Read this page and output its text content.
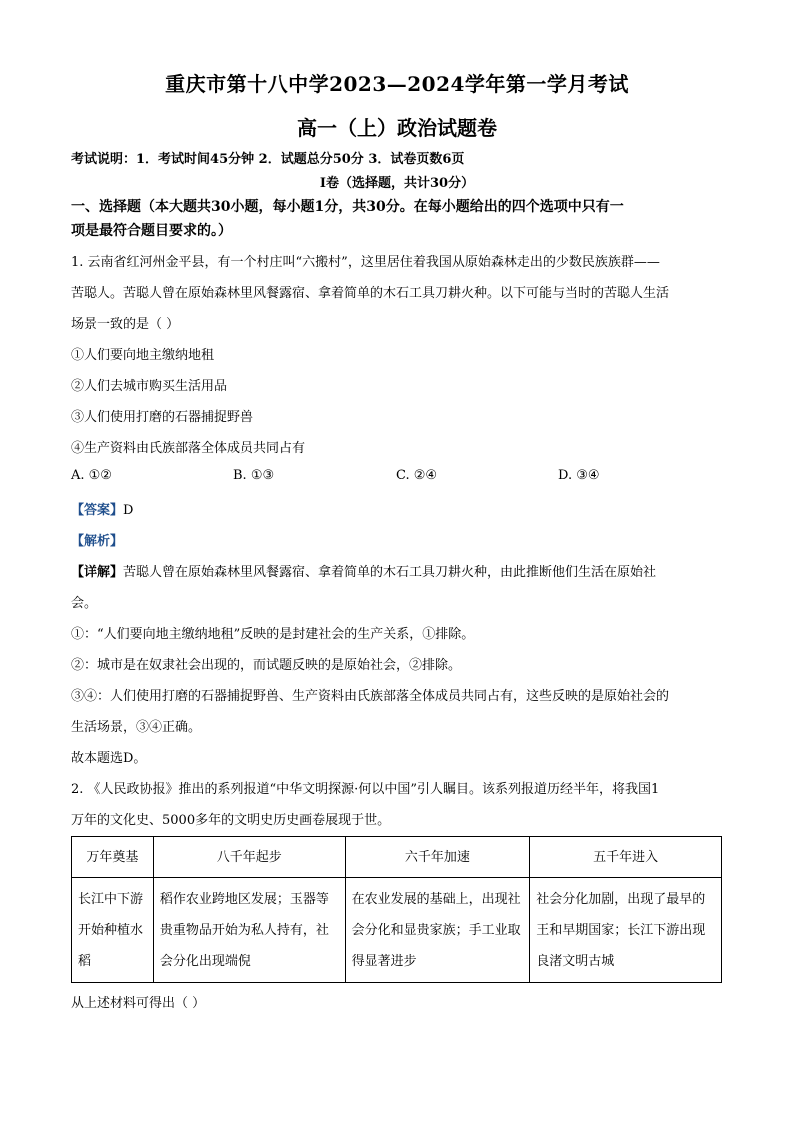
重庆市第十八中学2023—2024学年第一学月考试
高一（上）政治试题卷
考试说明：1．考试时间45分钟 2．试题总分50分 3．试卷页数6页
Ⅰ卷（选择题，共计30分）
一、选择题（本大题共30小题，每小题1分，共30分。在每小题给出的四个选项中只有一
项是最符合题目要求的。）
1. 云南省红河州金平县，有一个村庄叫“六搬村”，这里居住着我国从原始森林走出的少数民族族群——
苦聪人。苦聪人曾在原始森林里风餐露宿、拿着简单的木石工具刀耕火种。以下可能与当时的苦聪人生活
场景一致的是（ ）
①人们要向地主缴纳地租
②人们去城市购买生活用品
③人们使用打磨的石器捕捉野兽
④生产资料由氏族部落全体成员共同占有
A. ①②	B. ①③	C. ②④	D. ③④
【答案】D
【解析】
【详解】苦聪人曾在原始森林里风餐露宿、拿着简单的木石工具刀耕火种，由此推断他们生活在原始社
会。
①：“人们要向地主缴纳地租”反映的是封建社会的生产关系，①排除。
②：城市是在奴隶社会出现的，而试题反映的是原始社会，②排除。
③④：人们使用打磨的石器捕捉野兽、生产资料由氏族部落全体成员共同占有，这些反映的是原始社会的
生活场景，③④正确。
故本题选D。
2. 《人民政协报》推出的系列报道“中华文明探源·何以中国”引人瞩目。该系列报道历经半年，将我国1
万年的文化史、5000多年的文明史历史画卷展现于世。
万年奠基	八千年起步	六千年加速	五千年进入
长江中下游开始种植水稻	稻作农业跨地区发展；玉器等贵重物品开始为私人持有，社会分化出现端倪	在农业发展的基础上，出现社会分化和显贵家族；手工业取得显著进步	社会分化加剧，出现了最早的王和早期国家；长江下游出现良渚文明古城
从上述材料可得出（ ）
